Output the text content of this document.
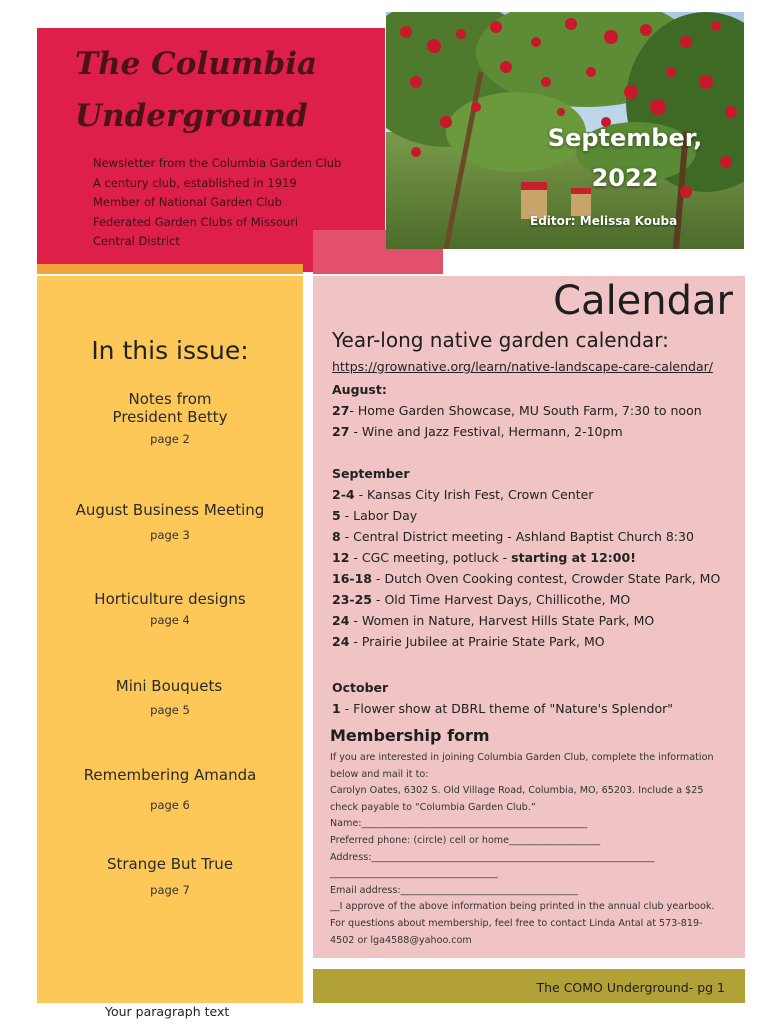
The Columbia
Underground
Newsletter from the Columbia Garden Club
A century club, established in 1919
Member of National Garden Club
Federated Garden Clubs of Missouri
Central District
September,
2022
Editor: Melissa Kouba
In this issue:
Notes from
President Betty
page 2
August Business Meeting
page 3
Horticulture designs
page 4
Mini Bouquets
page 5
Remembering Amanda
page 6
Strange But True
page 7
Calendar
Year-long native garden calendar:
https://grownative.org/learn/native-landscape-care-calendar/
August:
27- Home Garden Showcase, MU South Farm, 7:30 to noon
27 - Wine and Jazz Festival, Hermann, 2-10pm
September
2-4 - Kansas City Irish Fest, Crown Center
5 - Labor Day
8 - Central District meeting - Ashland Baptist Church 8:30
12 - CGC meeting, potluck - starting at 12:00!
16-18 - Dutch Oven Cooking contest, Crowder State Park, MO
23-25 - Old Time Harvest Days, Chillicothe, MO
24 - Women in Nature, Harvest Hills State Park, MO
24 - Prairie Jubilee at Prairie State Park, MO
October
1 - Flower show at DBRL theme of "Nature's Splendor"
Membership form
If you are interested in joining Columbia Garden Club, complete the information
below and mail it to:
Carolyn Oates, 6302 S. Old Village Road, Columbia, MO, 65203. Include a $25
check payable to “Columbia Garden Club.”
Name:_______________________________________________
Preferred phone: (circle) cell or home___________________
Address:___________________________________________________________
___________________________________
Email address:_____________________________________
__I approve of the above information being printed in the annual club yearbook.
For questions about membership, feel free to contact Linda Antal at 573-819-
4502 or lga4588@yahoo.com
The COMO Underground- pg 1
Your paragraph text
